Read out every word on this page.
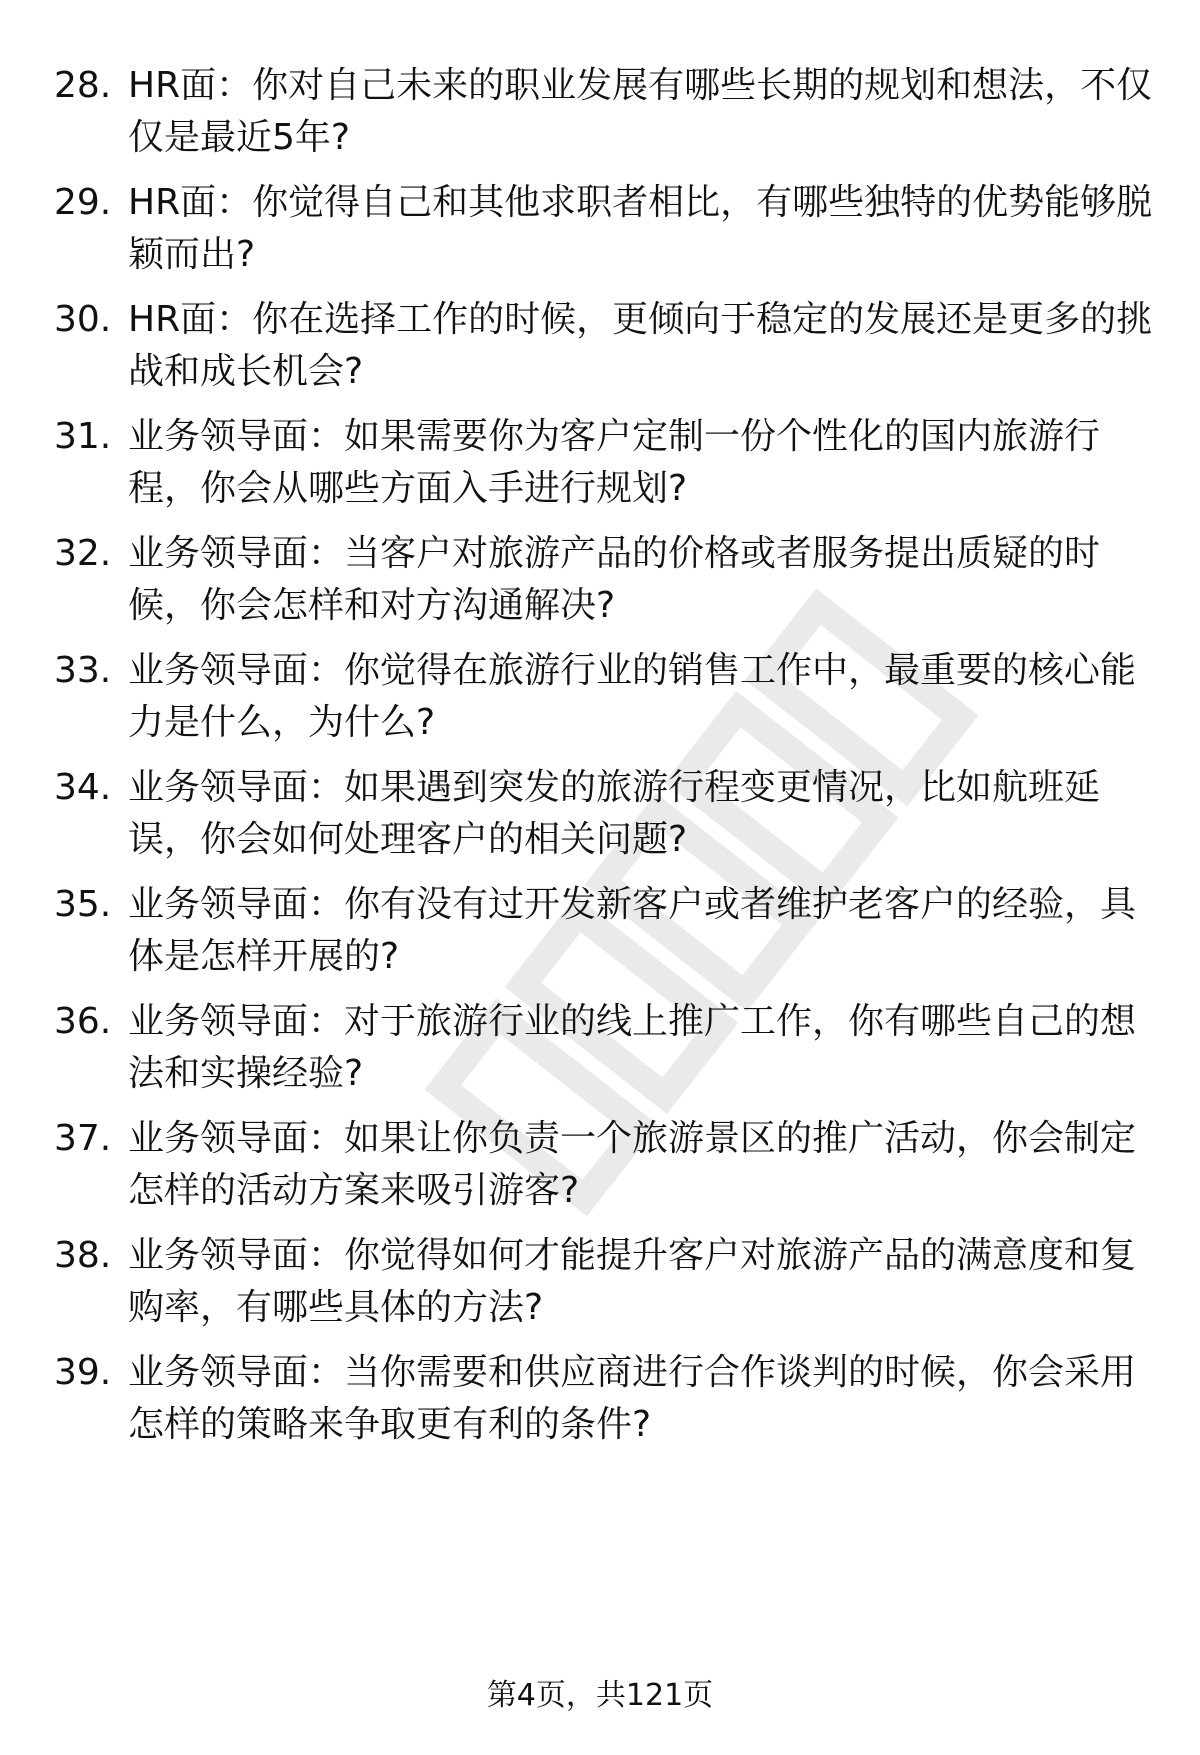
28. HR面：你对自己未来的职业发展有哪些长期的规划和想法，不仅仅是最近5年?
29. HR面：你觉得自己和其他求职者相比，有哪些独特的优势能够脱颖而出?
30. HR面：你在选择工作的时候，更倾向于稳定的发展还是更多的挑战和成长机会?
31. 业务领导面：如果需要你为客户定制一份个性化的国内旅游行程，你会从哪些方面入手进行规划?
32. 业务领导面：当客户对旅游产品的价格或者服务提出质疑的时候，你会怎样和对方沟通解决?
33. 业务领导面：你觉得在旅游行业的销售工作中，最重要的核心能力是什么，为什么?
34. 业务领导面：如果遇到突发的旅游行程变更情况，比如航班延误，你会如何处理客户的相关问题?
35. 业务领导面：你有没有过开发新客户或者维护老客户的经验，具体是怎样开展的?
36. 业务领导面：对于旅游行业的线上推广工作，你有哪些自己的想法和实操经验?
37. 业务领导面：如果让你负责一个旅游景区的推广活动，你会制定怎样的活动方案来吸引游客?
38. 业务领导面：你觉得如何才能提升客户对旅游产品的满意度和复购率，有哪些具体的方法?
39. 业务领导面：当你需要和供应商进行合作谈判的时候，你会采用怎样的策略来争取更有利的条件?
第4页，共121页
